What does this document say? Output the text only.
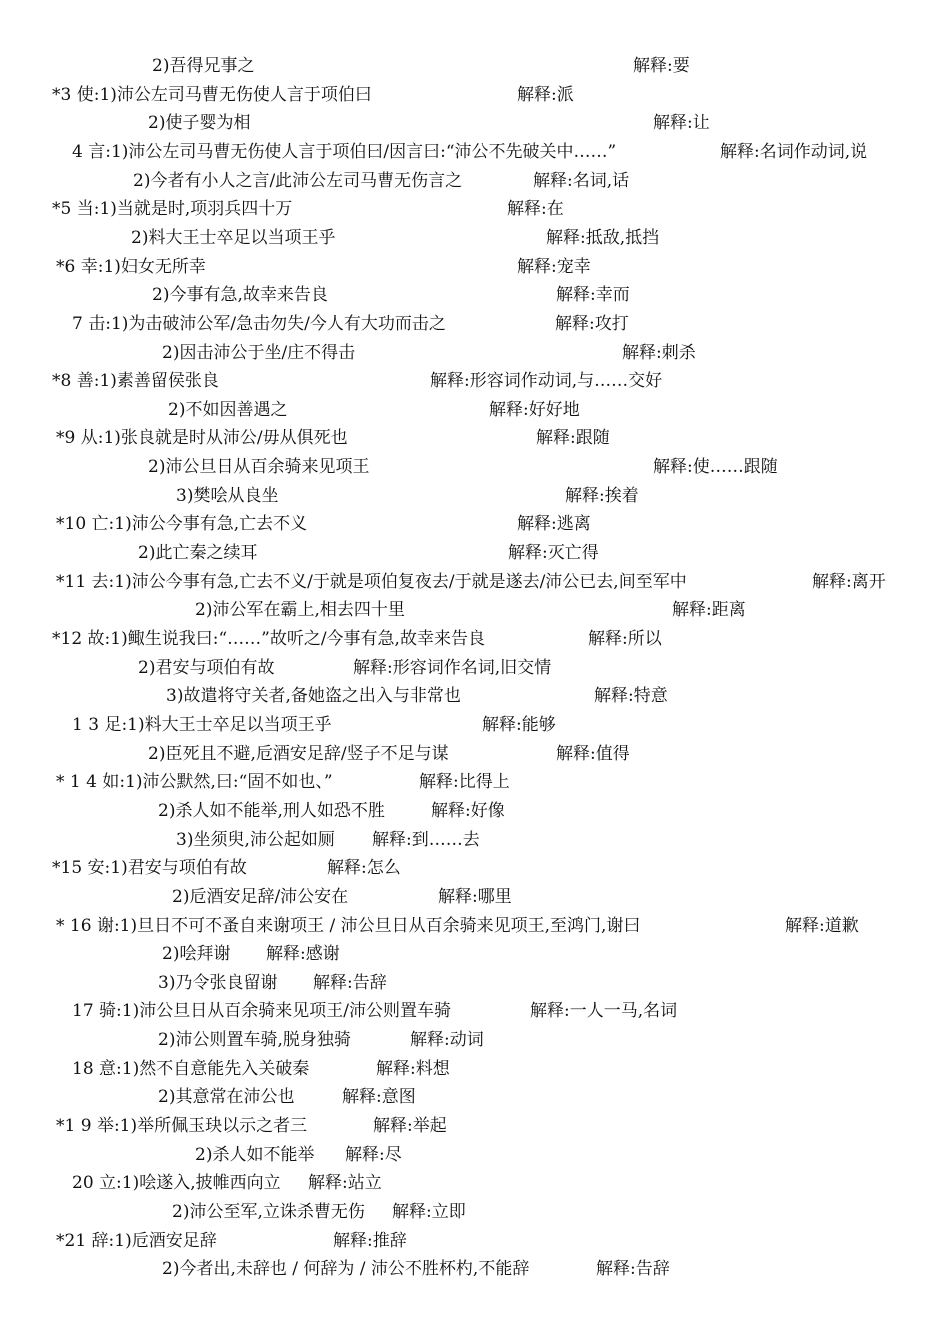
2)吾得兄事之	解释:要
*3 使:1)沛公左司马曹无伤使人言于项伯曰	解释:派
2)使子婴为相	解释:让
4 言:1)沛公左司马曹无伤使人言于项伯曰/因言曰:“沛公不先破关中……”	解释:名词作动词,说
2)今者有小人之言/此沛公左司马曹无伤言之	解释:名词,话
*5 当:1)当就是时,项羽兵四十万	解释:在
2)料大王士卒足以当项王乎	解释:抵敌,抵挡
*6 幸:1)妇女无所幸	解释:宠幸
2)今事有急,故幸来告良	解释:幸而
7 击:1)为击破沛公军/急击勿失/今人有大功而击之	解释:攻打
2)因击沛公于坐/庄不得击	解释:刺杀
*8 善:1)素善留侯张良	解释:形容词作动词,与……交好
2)不如因善遇之	解释:好好地
*9 从:1)张良就是时从沛公/毋从俱死也	解释:跟随
2)沛公旦日从百余骑来见项王	解释:使……跟随
3)樊哙从良坐	解释:挨着
*10 亡:1)沛公今事有急,亡去不义	解释:逃离
2)此亡秦之续耳	解释:灭亡得
*11 去:1)沛公今事有急,亡去不义/于就是项伯复夜去/于就是遂去/沛公已去,间至军中	解释:离开
2)沛公军在霸上,相去四十里	解释:距离
*12 故:1)鲰生说我曰:“……”故听之/今事有急,故幸来告良	解释:所以
2)君安与项伯有故	解释:形容词作名词,旧交情
3)故遣将守关者,备她盗之出入与非常也	解释:特意
1 3 足:1)料大王士卒足以当项王乎	解释:能够
2)臣死且不避,卮酒安足辞/竖子不足与谋	解释:值得
* 1 4 如:1)沛公默然,曰:“固不如也、”	解释:比得上
2)杀人如不能举,刑人如恐不胜	解释:好像
3)坐须臾,沛公起如厕 解释:到……去
*15 安:1)君安与项伯有故	解释:怎么
2)卮酒安足辞/沛公安在	解释:哪里
* 16 谢:1)旦日不可不蚤自来谢项王 / 沛公旦日从百余骑来见项王,至鸿门,谢曰	解释:道歉
2)哙拜谢 解释:感谢
3)乃令张良留谢 解释:告辞
17 骑:1)沛公旦日从百余骑来见项王/沛公则置车骑	解释:一人一马,名词
2)沛公则置车骑,脱身独骑	解释:动词
18 意:1)然不自意能先入关破秦	解释:料想
2)其意常在沛公也	解释:意图
*1 9 举:1)举所佩玉玦以示之者三	解释:举起
2)杀人如不能举 解释:尽
20 立:1)哙遂入,披帷西向立 解释:站立
2)沛公至军,立诛杀曹无伤 解释:立即
*21 辞:1)卮酒安足辞	解释:推辞
2)今者出,未辞也 / 何辞为 / 沛公不胜杯杓,不能辞	解释:告辞
